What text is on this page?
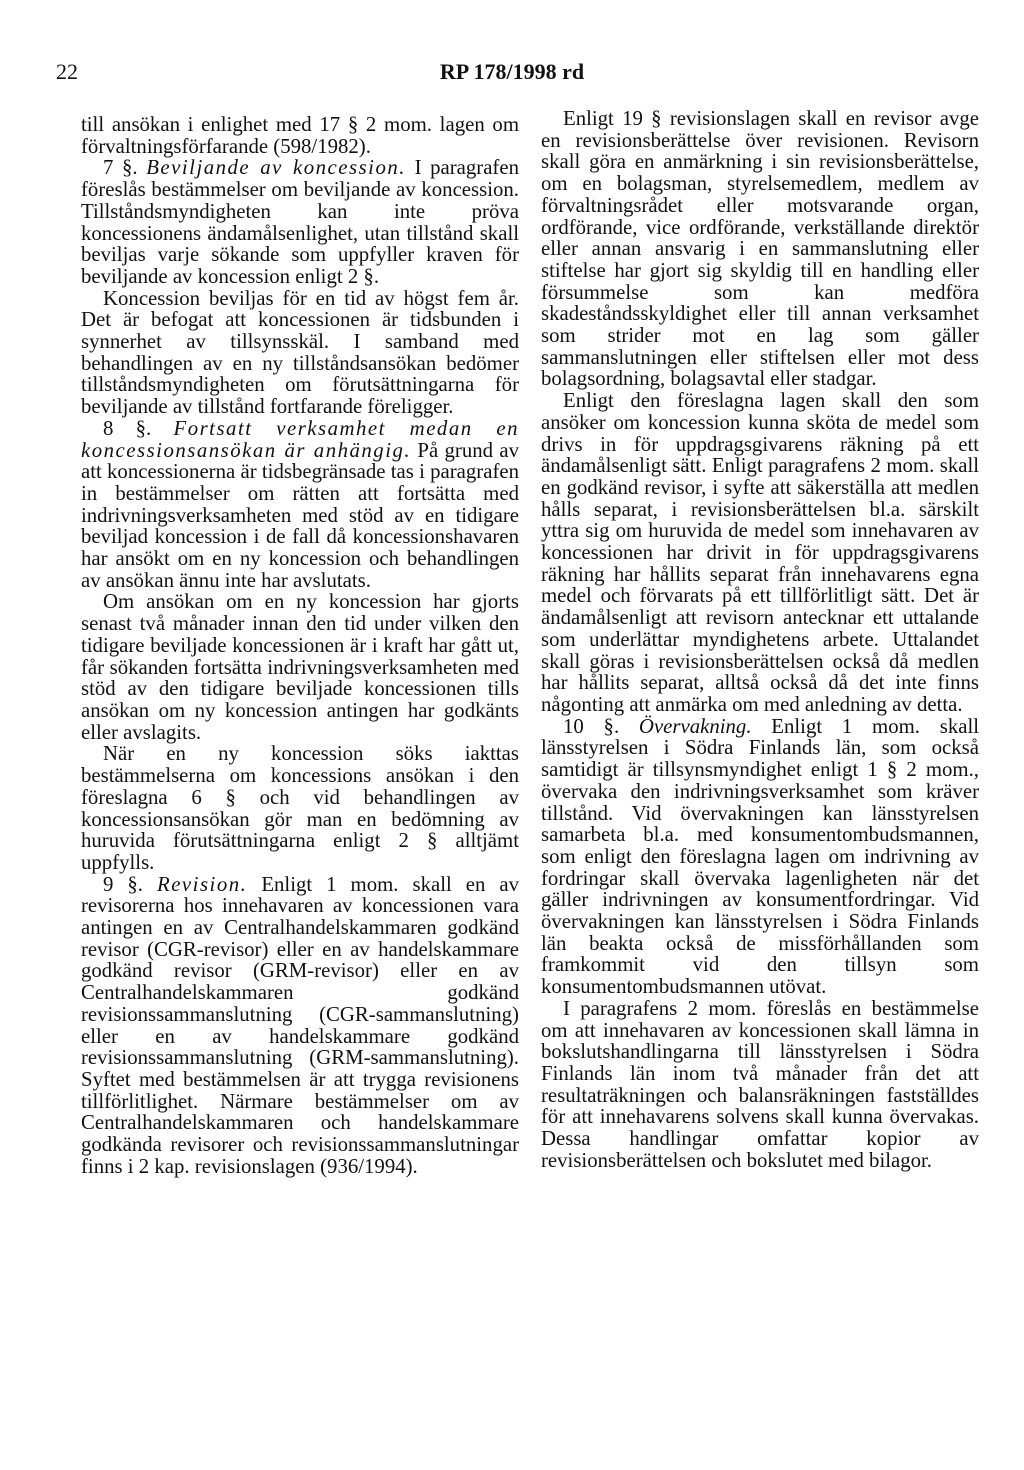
22	RP 178/1998 rd

till ansökan i enlighet med 17 § 2 mom. lagen om förvaltningsförfarande (598/1982).

7 §. Beviljande av koncession. I paragrafen föreslås bestämmelser om beviljande av koncession. Tillståndsmyndigheten kan inte pröva koncessionens ändamålsenlighet, utan tillstånd skall beviljas varje sökande som uppfyller kraven för beviljande av koncession enligt 2 §.

Koncession beviljas för en tid av högst fem år. Det är befogat att koncessionen är tidsbunden i synnerhet av tillsynsskäl. I samband med behandlingen av en ny tillståndsansökan bedömer tillståndsmyndigheten om förutsättningarna för beviljande av tillstånd fortfarande föreligger.

8 §. Fortsatt verksamhet medan en koncessionsansökan är anhängig. På grund av att koncessionerna är tidsbegränsade tas i paragrafen in bestämmelser om rätten att fortsätta med indrivningsverksamheten med stöd av en tidigare beviljad koncession i de fall då koncessionshavaren har ansökt om en ny koncession och behandlingen av ansökan ännu inte har avslutats.

Om ansökan om en ny koncession har gjorts senast två månader innan den tid under vilken den tidigare beviljade koncessionen är i kraft har gått ut, får sökanden fortsätta indrivningsverksamheten med stöd av den tidigare beviljade koncessionen tills ansökan om ny koncession antingen har godkänts eller avslagits.

När en ny koncession söks iakttas bestämmelserna om koncessions ansökan i den föreslagna 6 § och vid behandlingen av koncessionsansökan gör man en bedömning av huruvida förutsättningarna enligt 2 § alltjämt uppfylls.

9 §. Revision. Enligt 1 mom. skall en av revisorerna hos innehavaren av koncessionen vara antingen en av Centralhandelskammaren godkänd revisor (CGR-revisor) eller en av handelskammare godkänd revisor (GRM-revisor) eller en av Centralhandelskammaren godkänd revisionssammanslutning (CGR-sammanslutning) eller en av handelskammare godkänd revisionssammanslutning (GRM-sammanslutning). Syftet med bestämmelsen är att trygga revisionens tillförlitlighet. Närmare bestämmelser om av Centralhandelskammaren och handelskammare godkända revisorer och revisionssammanslutningar finns i 2 kap. revisionslagen (936/1994).

Enligt 19 § revisionslagen skall en revisor avge en revisionsberättelse över revisionen. Revisorn skall göra en anmärkning i sin revisionsberättelse, om en bolagsman, styrelsemedlem, medlem av förvaltningsrådet eller motsvarande organ, ordförande, vice ordförande, verkställande direktör eller annan ansvarig i en sammanslutning eller stiftelse har gjort sig skyldig till en handling eller försummelse som kan medföra skadeståndsskyldighet eller till annan verksamhet som strider mot en lag som gäller sammanslutningen eller stiftelsen eller mot dess bolagsordning, bolagsavtal eller stadgar.

Enligt den föreslagna lagen skall den som ansöker om koncession kunna sköta de medel som drivs in för uppdragsgivarens räkning på ett ändamålsenligt sätt. Enligt paragrafens 2 mom. skall en godkänd revisor, i syfte att säkerställa att medlen hålls separat, i revisionsberättelsen bl.a. särskilt yttra sig om huruvida de medel som innehavaren av koncessionen har drivit in för uppdragsgivarens räkning har hållits separat från innehavarens egna medel och förvarats på ett tillförlitligt sätt. Det är ändamålsenligt att revisorn antecknar ett uttalande som underlättar myndighetens arbete. Uttalandet skall göras i revisionsberättelsen också då medlen har hållits separat, alltså också då det inte finns någonting att anmärka om med anledning av detta.

10 §. Övervakning. Enligt 1 mom. skall länsstyrelsen i Södra Finlands län, som också samtidigt är tillsynsmyndighet enligt 1 § 2 mom., övervaka den indrivningsverksamhet som kräver tillstånd. Vid övervakningen kan länsstyrelsen samarbeta bl.a. med konsumentombudsmannen, som enligt den föreslagna lagen om indrivning av fordringar skall övervaka lagenligheten när det gäller indrivningen av konsumentfordringar. Vid övervakningen kan länsstyrelsen i Södra Finlands län beakta också de missförhållanden som framkommit vid den tillsyn som konsumentombudsmannen utövat.

I paragrafens 2 mom. föreslås en bestämmelse om att innehavaren av koncessionen skall lämna in bokslutshandlingarna till länsstyrelsen i Södra Finlands län inom två månader från det att resultaträkningen och balansräkningen fastställdes för att innehavarens solvens skall kunna övervakas. Dessa handlingar omfattar kopior av revisionsberättelsen och bokslutet med bilagor.
